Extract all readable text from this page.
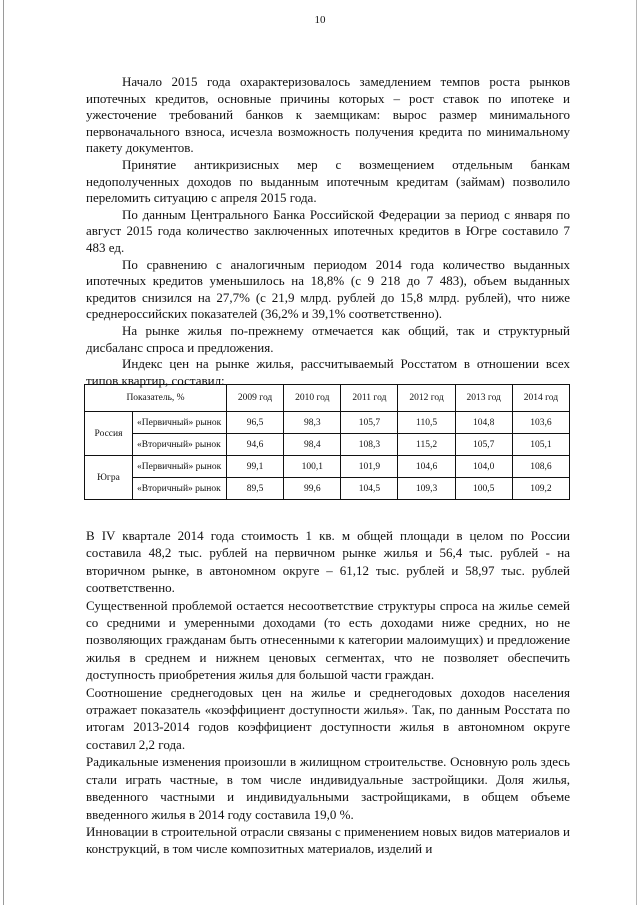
10

Начало 2015 года охарактеризовалось замедлением темпов роста рынков ипотечных кредитов, основные причины которых – рост ставок по ипотеке и ужесточение требований банков к заемщикам: вырос размер минимального первоначального взноса, исчезла возможность получения кредита по минимальному пакету документов.

Принятие антикризисных мер с возмещением отдельным банкам недополученных доходов по выданным ипотечным кредитам (займам) позволило переломить ситуацию с апреля 2015 года.

По данным Центрального Банка Российской Федерации за период с января по август 2015 года количество заключенных ипотечных кредитов в Югре составило 7 483 ед.

По сравнению с аналогичным периодом 2014 года количество выданных ипотечных кредитов уменьшилось на 18,8% (с 9 218 до 7 483), объем выданных кредитов снизился на 27,7% (с 21,9 млрд. рублей до 15,8 млрд. рублей), что ниже среднероссийских показателей (36,2% и 39,1% соответственно).

На рынке жилья по-прежнему отмечается как общий, так и структурный дисбаланс спроса и предложения.

Индекс цен на рынке жилья, рассчитываемый Росстатом в отношении всех типов квартир, составил:

Показатель, %		2009 год	2010 год	2011 год	2012 год	2013 год	2014 год
Россия	«Первичный» рынок	96,5	98,3	105,7	110,5	104,8	103,6
	«Вторичный» рынок	94,6	98,4	108,3	115,2	105,7	105,1
Югра	«Первичный» рынок	99,1	100,1	101,9	104,6	104,0	108,6
	«Вторичный» рынок	89,5	99,6	104,5	109,3	100,5	109,2

В IV квартале 2014 года стоимость 1 кв. м общей площади в целом по России составила 48,2 тыс. рублей на первичном рынке жилья и 56,4 тыс. рублей - на вторичном рынке, в автономном округе – 61,12 тыс. рублей и 58,97 тыс. рублей соответственно.

Существенной проблемой остается несоответствие структуры спроса на жилье семей со средними и умеренными доходами (то есть доходами ниже средних, но не позволяющих гражданам быть отнесенными к категории малоимущих) и предложение жилья в среднем и нижнем ценовых сегментах, что не позволяет обеспечить доступность приобретения жилья для большой части граждан.

Соотношение среднегодовых цен на жилье и среднегодовых доходов населения отражает показатель «коэффициент доступности жилья». Так, по данным Росстата по итогам 2013-2014 годов коэффициент доступности жилья в автономном округе составил 2,2 года.

Радикальные изменения произошли в жилищном строительстве. Основную роль здесь стали играть частные, в том числе индивидуальные застройщики. Доля жилья, введенного частными и индивидуальными застройщиками, в общем объеме введенного жилья в 2014 году составила 19,0 %.

Инновации в строительной отрасли связаны с применением новых видов материалов и конструкций, в том числе композитных материалов, изделий и
